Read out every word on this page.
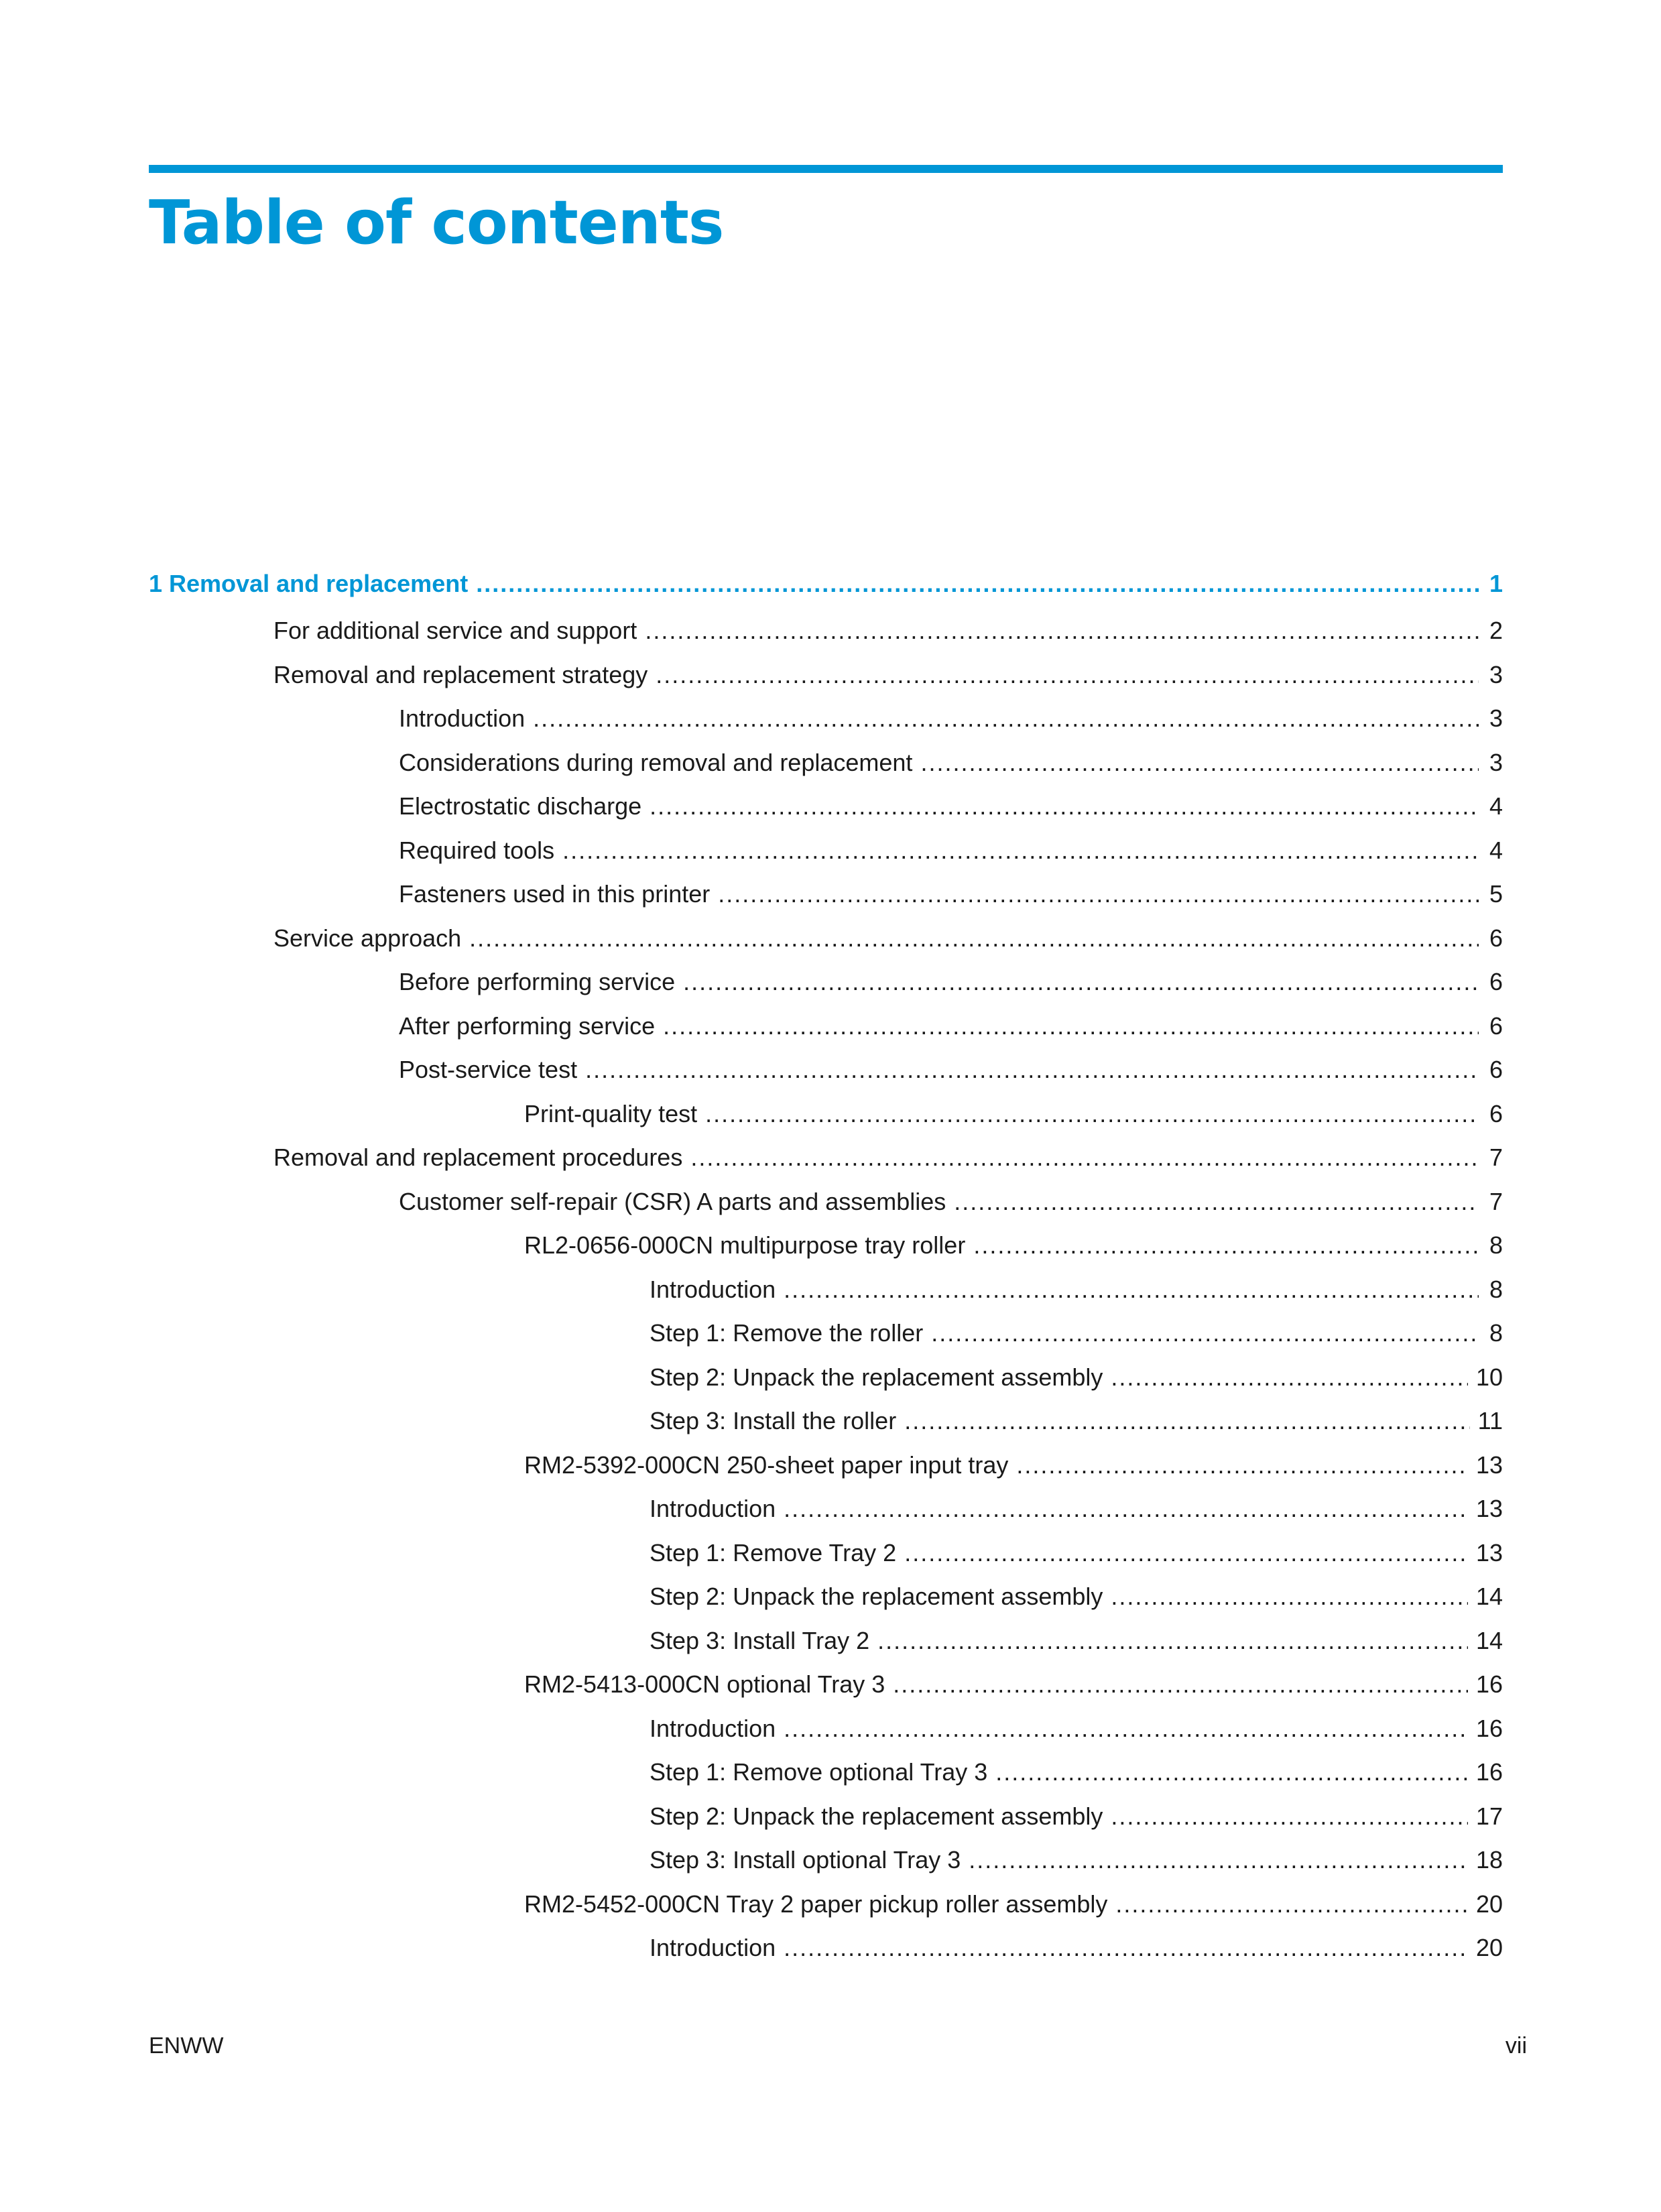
Table of contents
1 Removal and replacement .....	1
For additional service and support .....	2
Removal and replacement strategy .....	3
Introduction .....	3
Considerations during removal and replacement .....	3
Electrostatic discharge .....	4
Required tools .....	4
Fasteners used in this printer .....	5
Service approach .....	6
Before performing service .....	6
After performing service .....	6
Post-service test .....	6
Print-quality test .....	6
Removal and replacement procedures .....	7
Customer self-repair (CSR) A parts and assemblies .....	7
RL2-0656-000CN multipurpose tray roller .....	8
Introduction .....	8
Step 1: Remove the roller .....	8
Step 2: Unpack the replacement assembly .....	10
Step 3: Install the roller .....	11
RM2-5392-000CN 250-sheet paper input tray .....	13
Introduction .....	13
Step 1: Remove Tray 2 .....	13
Step 2: Unpack the replacement assembly .....	14
Step 3: Install Tray 2 .....	14
RM2-5413-000CN optional Tray 3 .....	16
Introduction .....	16
Step 1: Remove optional Tray 3 .....	16
Step 2: Unpack the replacement assembly .....	17
Step 3: Install optional Tray 3 .....	18
RM2-5452-000CN Tray 2 paper pickup roller assembly .....	20
Introduction .....	20
ENWW	vii
